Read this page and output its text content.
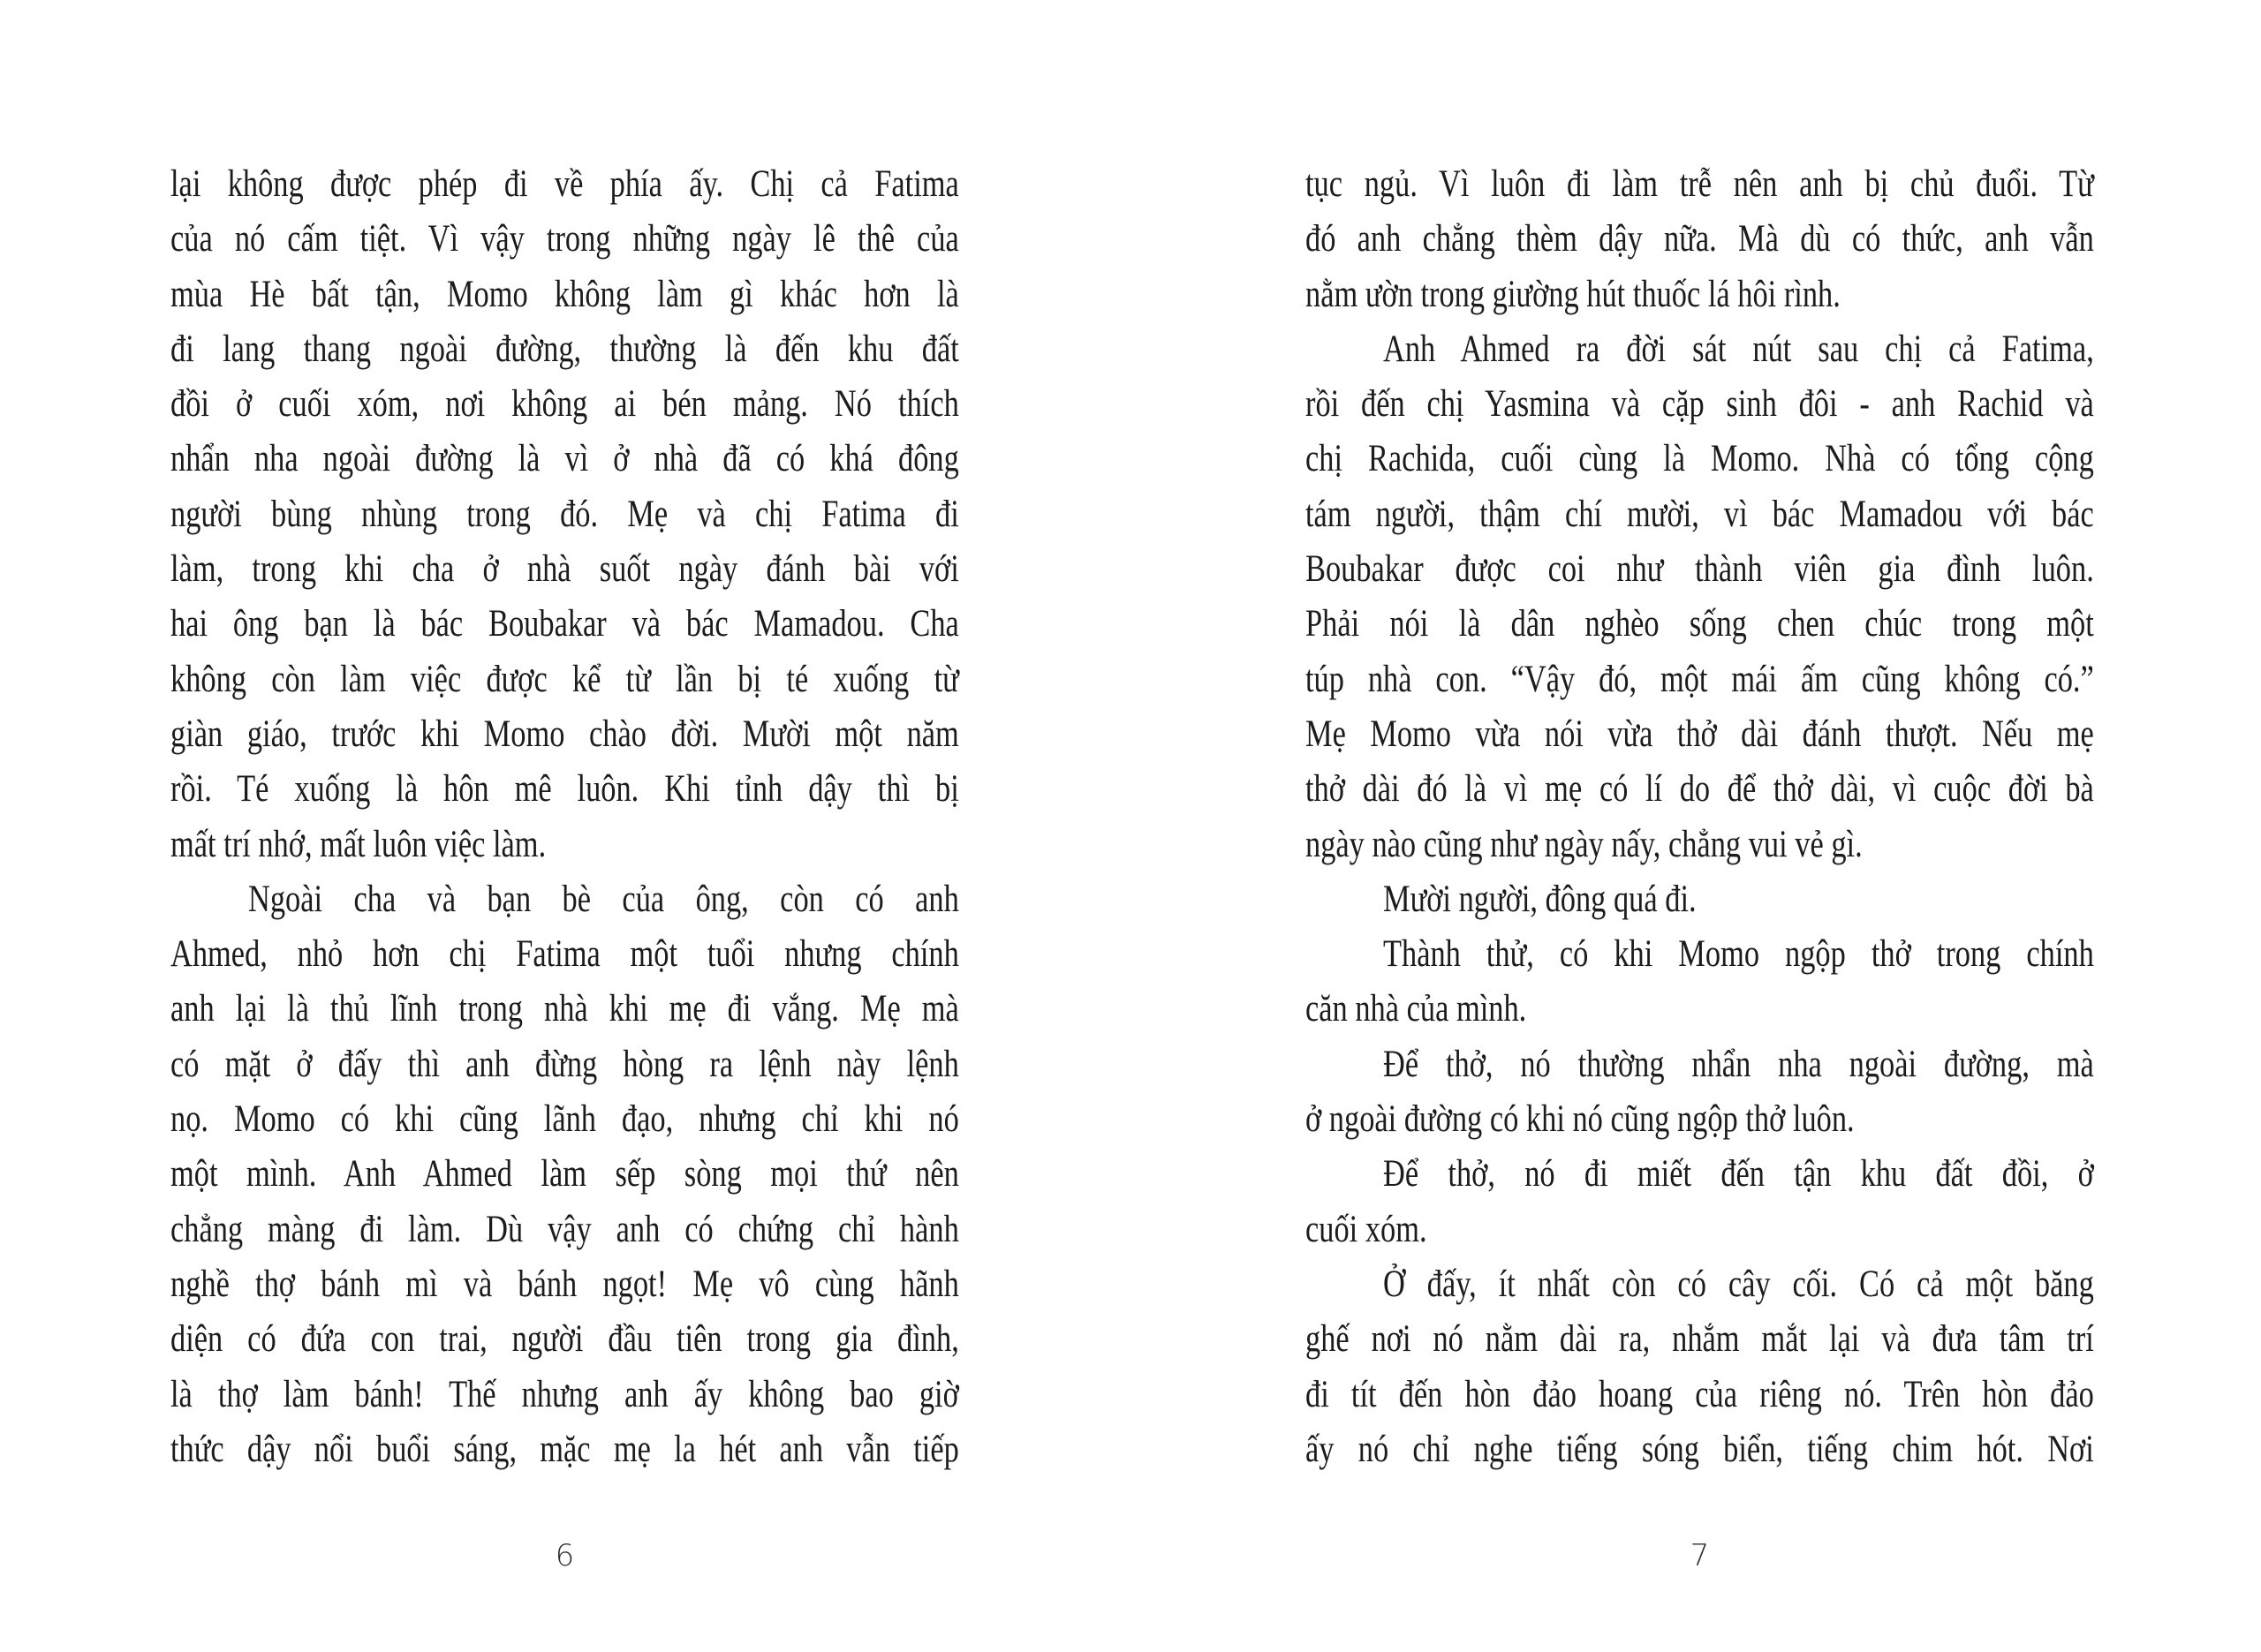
lại không được phép đi về phía ấy. Chị cả Fatima
của nó cấm tiệt. Vì vậy trong những ngày lê thê của
mùa Hè bất tận, Momo không làm gì khác hơn là
đi lang thang ngoài đường, thường là đến khu đất
đồi ở cuối xóm, nơi không ai bén mảng. Nó thích
nhẩn nha ngoài đường là vì ở nhà đã có khá đông
người bùng nhùng trong đó. Mẹ và chị Fatima đi
làm, trong khi cha ở nhà suốt ngày đánh bài với
hai ông bạn là bác Boubakar và bác Mamadou. Cha
không còn làm việc được kể từ lần bị té xuống từ
giàn giáo, trước khi Momo chào đời. Mười một năm
rồi. Té xuống là hôn mê luôn. Khi tỉnh dậy thì bị
mất trí nhớ, mất luôn việc làm.
Ngoài cha và bạn bè của ông, còn có anh
Ahmed, nhỏ hơn chị Fatima một tuổi nhưng chính
anh lại là thủ lĩnh trong nhà khi mẹ đi vắng. Mẹ mà
có mặt ở đấy thì anh đừng hòng ra lệnh này lệnh
nọ. Momo có khi cũng lãnh đạo, nhưng chỉ khi nó
một mình. Anh Ahmed làm sếp sòng mọi thứ nên
chẳng màng đi làm. Dù vậy anh có chứng chỉ hành
nghề thợ bánh mì và bánh ngọt! Mẹ vô cùng hãnh
diện có đứa con trai, người đầu tiên trong gia đình,
là thợ làm bánh! Thế nhưng anh ấy không bao giờ
thức dậy nổi buổi sáng, mặc mẹ la hét anh vẫn tiếp
6
tục ngủ. Vì luôn đi làm trễ nên anh bị chủ đuổi. Từ
đó anh chẳng thèm dậy nữa. Mà dù có thức, anh vẫn
nằm ườn trong giường hút thuốc lá hôi rình.
Anh Ahmed ra đời sát nút sau chị cả Fatima,
rồi đến chị Yasmina và cặp sinh đôi - anh Rachid và
chị Rachida, cuối cùng là Momo. Nhà có tổng cộng
tám người, thậm chí mười, vì bác Mamadou với bác
Boubakar được coi như thành viên gia đình luôn.
Phải nói là dân nghèo sống chen chúc trong một
túp nhà con. “Vậy đó, một mái ấm cũng không có.”
Mẹ Momo vừa nói vừa thở dài đánh thượt. Nếu mẹ
thở dài đó là vì mẹ có lí do để thở dài, vì cuộc đời bà
ngày nào cũng như ngày nấy, chẳng vui vẻ gì.
Mười người, đông quá đi.
Thành thử, có khi Momo ngộp thở trong chính
căn nhà của mình.
Để thở, nó thường nhẩn nha ngoài đường, mà
ở ngoài đường có khi nó cũng ngộp thở luôn.
Để thở, nó đi miết đến tận khu đất đồi, ở
cuối xóm.
Ở đấy, ít nhất còn có cây cối. Có cả một băng
ghế nơi nó nằm dài ra, nhắm mắt lại và đưa tâm trí
đi tít đến hòn đảo hoang của riêng nó. Trên hòn đảo
ấy nó chỉ nghe tiếng sóng biển, tiếng chim hót. Nơi
7
